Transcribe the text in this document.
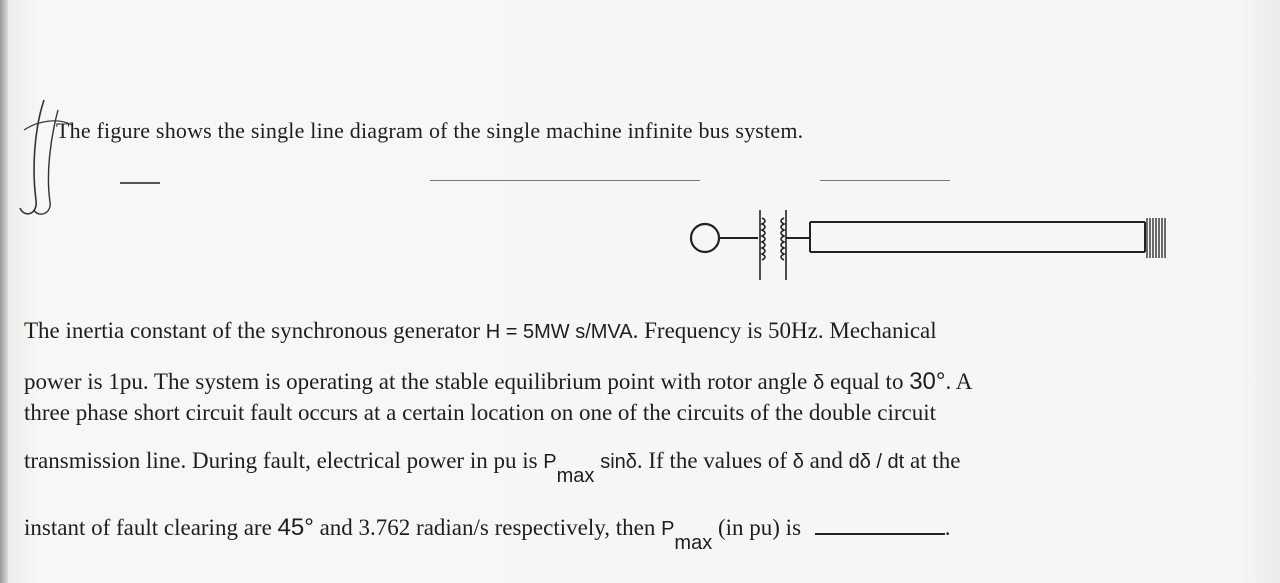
The figure shows the single line diagram of the single machine infinite bus system.
The inertia constant of the synchronous generator H = 5MW s/MVA. Frequency is 50Hz. Mechanical
power is 1pu. The system is operating at the stable equilibrium point with rotor angle δ equal to 30°. A
three phase short circuit fault occurs at a certain location on one of the circuits of the double circuit
transmission line. During fault, electrical power in pu is Pmax sinδ. If the values of δ and dδ / dt at the
instant of fault clearing are 45° and 3.762 radian/s respectively, then Pmax (in pu) is	.
